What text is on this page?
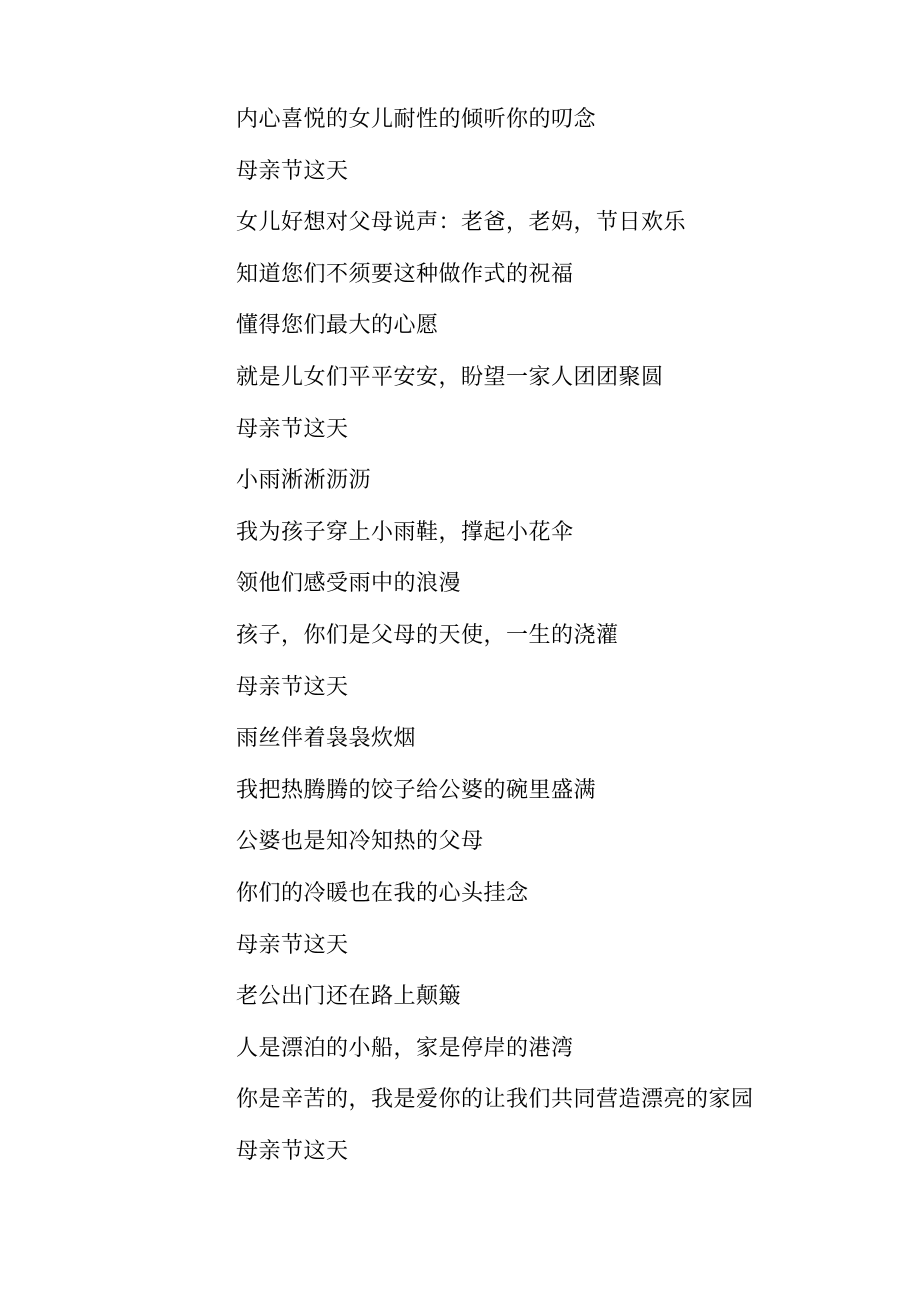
内心喜悦的女儿耐性的倾听你的叨念
母亲节这天
女儿好想对父母说声：老爸，老妈，节日欢乐
知道您们不须要这种做作式的祝福
懂得您们最大的心愿
就是儿女们平平安安，盼望一家人团团聚圆
母亲节这天
小雨淅淅沥沥
我为孩子穿上小雨鞋，撑起小花伞
领他们感受雨中的浪漫
孩子，你们是父母的天使，一生的浇灌
母亲节这天
雨丝伴着袅袅炊烟
我把热腾腾的饺子给公婆的碗里盛满
公婆也是知冷知热的父母
你们的冷暖也在我的心头挂念
母亲节这天
老公出门还在路上颠簸
人是漂泊的小船，家是停岸的港湾
你是辛苦的，我是爱你的让我们共同营造漂亮的家园
母亲节这天
